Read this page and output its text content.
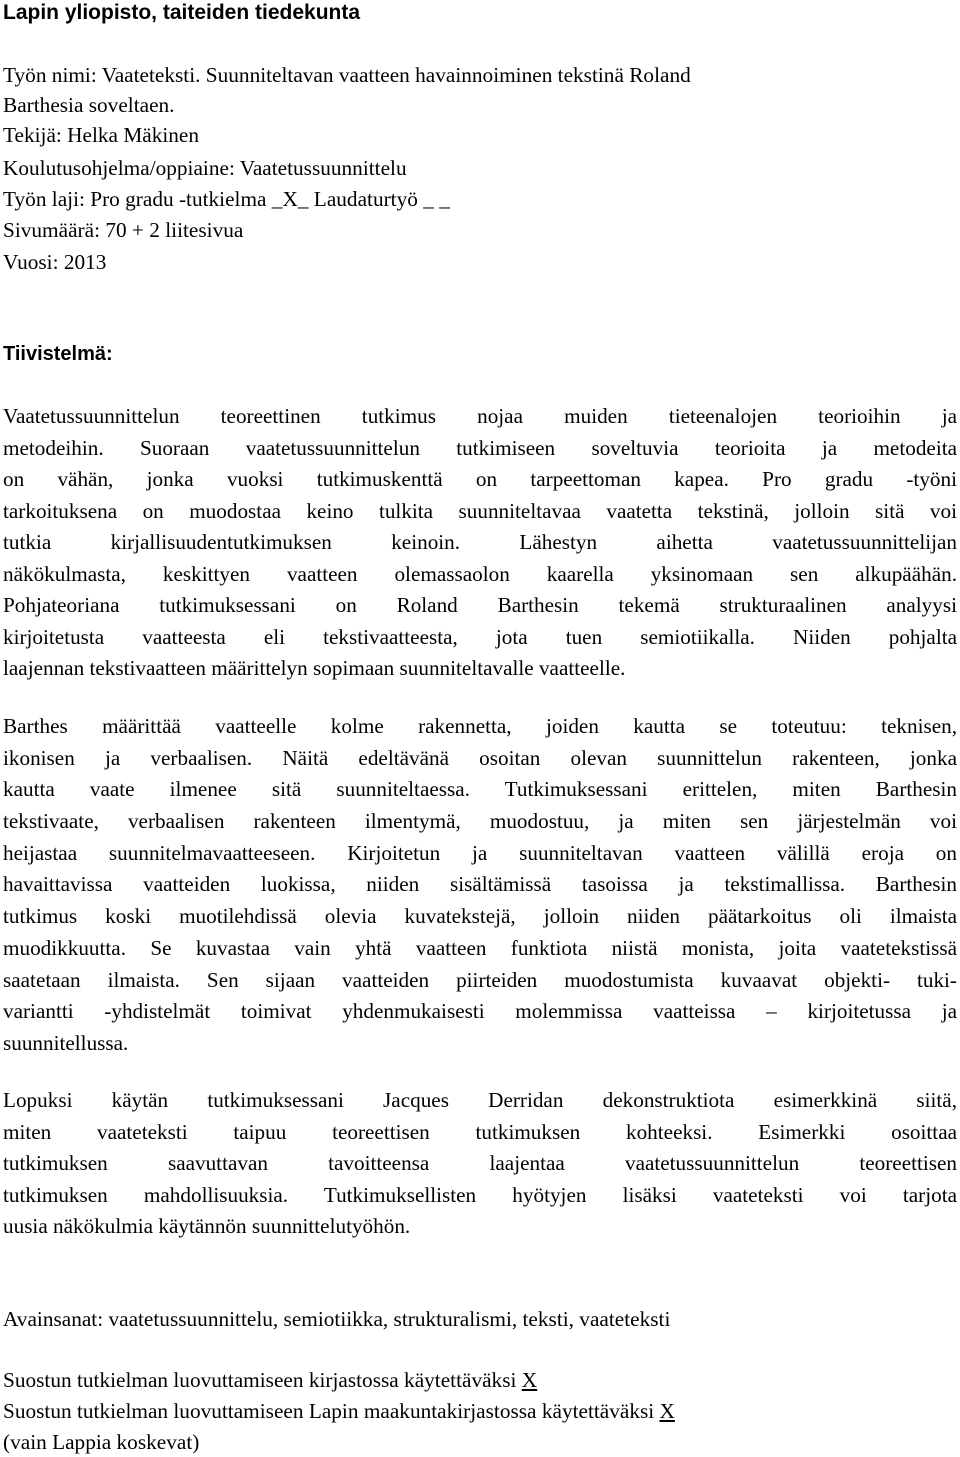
Lapin yliopisto, taiteiden tiedekunta
Työn nimi: Vaateteksti. Suunniteltavan vaatteen havainnoiminen tekstinä Roland
Barthesia soveltaen.
Tekijä: Helka Mäkinen
Koulutusohjelma/oppiaine: Vaatetussuunnittelu
Työn laji: Pro gradu -tutkielma _X_ Laudaturtyö _ _
Sivumäärä: 70 + 2 liitesivua
Vuosi: 2013
Tiivistelmä:
Vaatetussuunnittelun teoreettinen tutkimus nojaa muiden tieteenalojen teorioihin ja
metodeihin. Suoraan vaatetussuunnittelun tutkimiseen soveltuvia teorioita ja metodeita
on vähän, jonka vuoksi tutkimuskenttä on tarpeettoman kapea. Pro gradu -työni
tarkoituksena on muodostaa keino tulkita suunniteltavaa vaatetta tekstinä, jolloin sitä voi
tutkia kirjallisuudentutkimuksen keinoin. Lähestyn aihetta vaatetussuunnittelijan
näkökulmasta, keskittyen vaatteen olemassaolon kaarella yksinomaan sen alkupäähän.
Pohjateoriana tutkimuksessani on Roland Barthesin tekemä strukturaalinen analyysi
kirjoitetusta vaatteesta eli tekstivaatteesta, jota tuen semiotiikalla. Niiden pohjalta
laajennan tekstivaatteen määrittelyn sopimaan suunniteltavalle vaatteelle.
Barthes määrittää vaatteelle kolme rakennetta, joiden kautta se toteutuu: teknisen,
ikonisen ja verbaalisen. Näitä edeltävänä osoitan olevan suunnittelun rakenteen, jonka
kautta vaate ilmenee sitä suunniteltaessa. Tutkimuksessani erittelen, miten Barthesin
tekstivaate, verbaalisen rakenteen ilmentymä, muodostuu, ja miten sen järjestelmän voi
heijastaa suunnitelmavaatteeseen. Kirjoitetun ja suunniteltavan vaatteen välillä eroja on
havaittavissa vaatteiden luokissa, niiden sisältämissä tasoissa ja tekstimallissa. Barthesin
tutkimus koski muotilehdissä olevia kuvatekstejä, jolloin niiden päätarkoitus oli ilmaista
muodikkuutta. Se kuvastaa vain yhtä vaatteen funktiota niistä monista, joita vaatetekstissä
saatetaan ilmaista. Sen sijaan vaatteiden piirteiden muodostumista kuvaavat objekti- tuki-
variantti -yhdistelmät toimivat yhdenmukaisesti molemmissa vaatteissa – kirjoitetussa ja
suunnitellussa.
Lopuksi käytän tutkimuksessani Jacques Derridan dekonstruktiota esimerkkinä siitä,
miten vaateteksti taipuu teoreettisen tutkimuksen kohteeksi. Esimerkki osoittaa
tutkimuksen saavuttavan tavoitteensa laajentaa vaatetussuunnittelun teoreettisen
tutkimuksen mahdollisuuksia. Tutkimuksellisten hyötyjen lisäksi vaateteksti voi tarjota
uusia näkökulmia käytännön suunnittelutyöhön.
Avainsanat: vaatetussuunnittelu, semiotiikka, strukturalismi, teksti, vaateteksti
Suostun tutkielman luovuttamiseen kirjastossa käytettäväksi X
Suostun tutkielman luovuttamiseen Lapin maakuntakirjastossa käytettäväksi X
(vain Lappia koskevat)
